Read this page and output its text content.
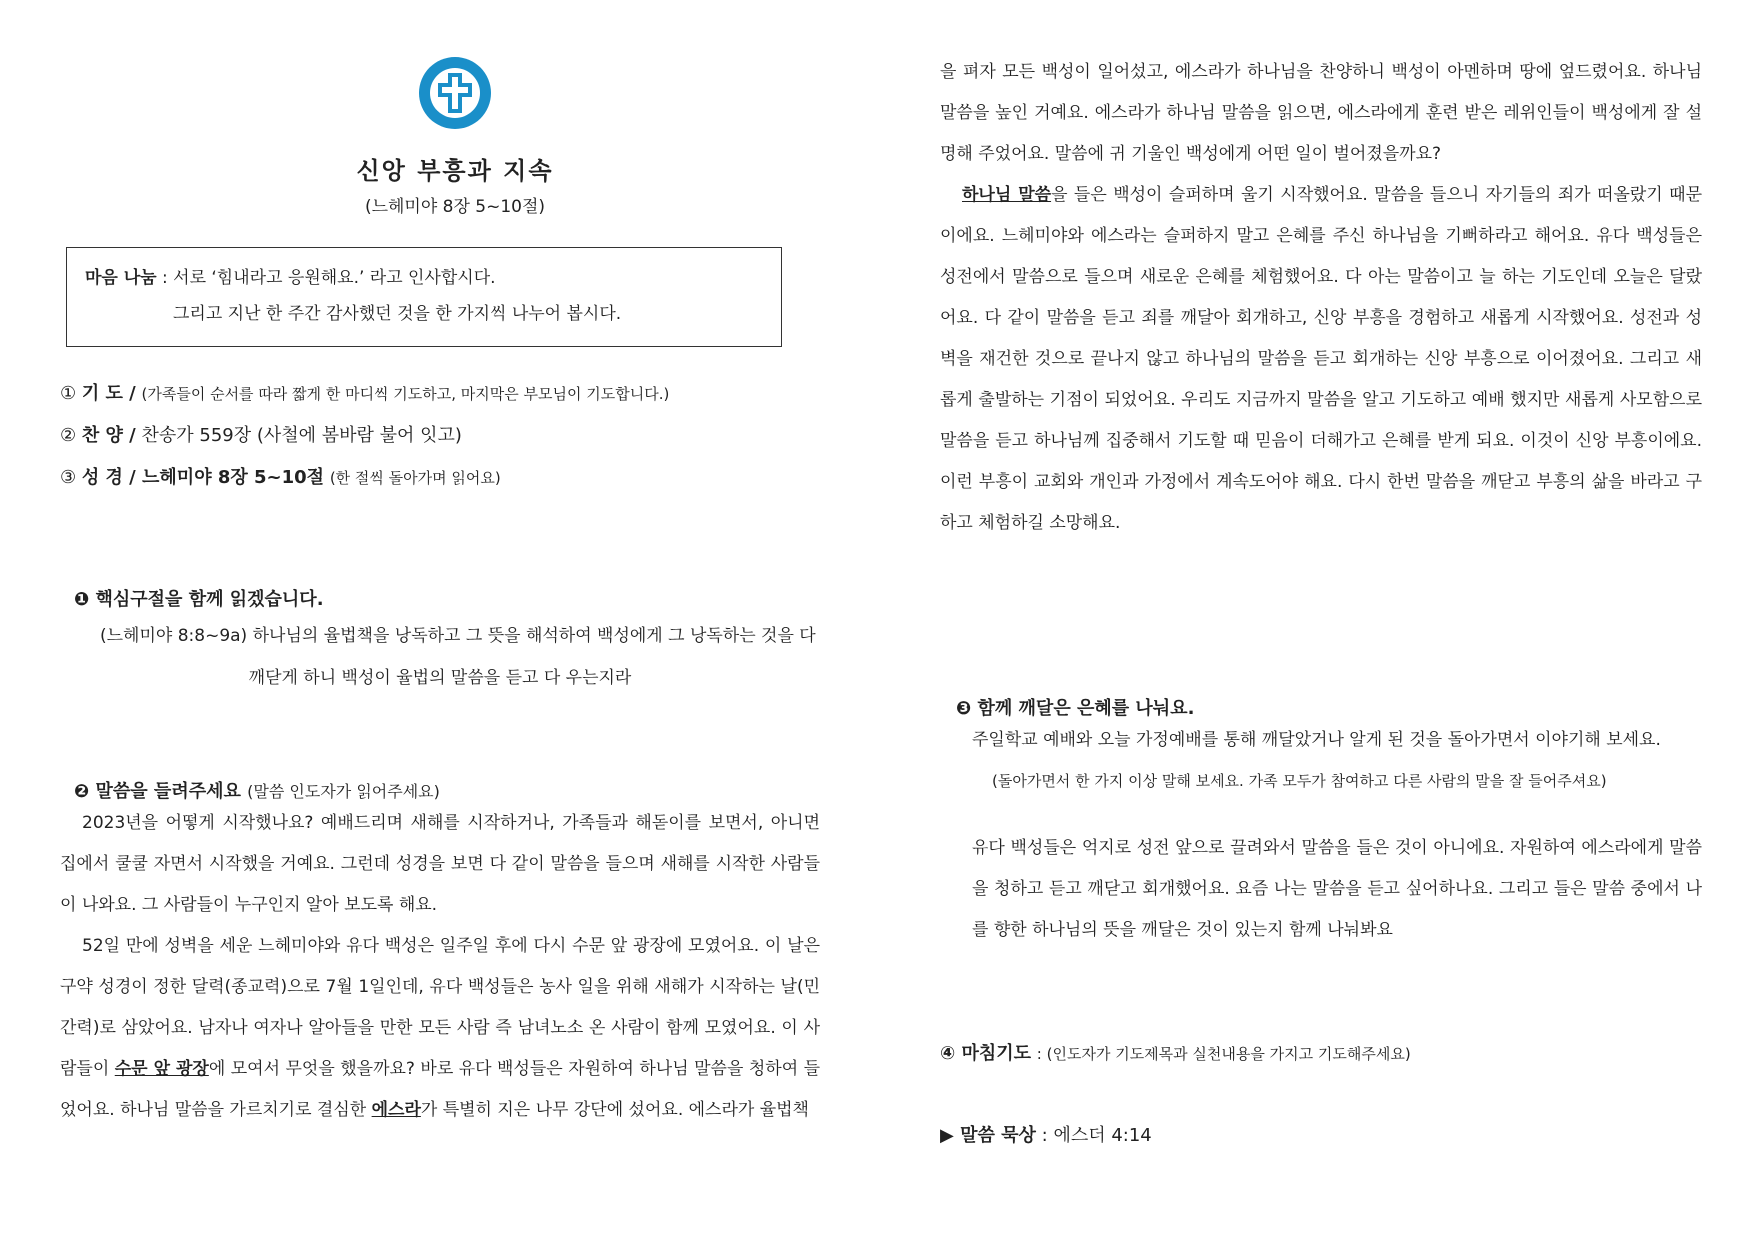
신앙 부흥과 지속
(느헤미야 8장 5~10절)
마음 나눔 : 서로 ‘힘내라고 응원해요.’ 라고 인사합시다.
그리고 지난 한 주간 감사했던 것을 한 가지씩 나누어 봅시다.
① 기 도 / (가족들이 순서를 따라 짧게 한 마디씩 기도하고, 마지막은 부모님이 기도합니다.)
② 찬 양 / 찬송가 559장 (사철에 봄바람 불어 잇고)
③ 성 경 / 느헤미야 8장 5~10절 (한 절씩 돌아가며 읽어요)
❶ 핵심구절을 함께 읽겠습니다.
(느헤미야 8:8~9a) 하나님의 율법책을 낭독하고 그 뜻을 해석하여 백성에게 그 낭독하는 것을 다
깨닫게 하니 백성이 율법의 말씀을 듣고 다 우는지라
❷ 말씀을 들려주세요 (말씀 인도자가 읽어주세요)
2023년을 어떻게 시작했나요? 예배드리며 새해를 시작하거나, 가족들과 해돋이를 보면서, 아니면 집에서 쿨쿨 자면서 시작했을 거예요. 그런데 성경을 보면 다 같이 말씀을 들으며 새해를 시작한 사람들이 나와요. 그 사람들이 누구인지 알아 보도록 해요.
52일 만에 성벽을 세운 느헤미야와 유다 백성은 일주일 후에 다시 수문 앞 광장에 모였어요. 이 날은 구약 성경이 정한 달력(종교력)으로 7월 1일인데, 유다 백성들은 농사 일을 위해 새해가 시작하는 날(민간력)로 삼았어요. 남자나 여자나 알아들을 만한 모든 사람 즉 남녀노소 온 사람이 함께 모였어요. 이 사람들이 수문 앞 광장에 모여서 무엇을 했을까요? 바로 유다 백성들은 자원하여 하나님 말씀을 청하여 들었어요. 하나님 말씀을 가르치기로 결심한 에스라가 특별히 지은 나무 강단에 섰어요. 에스라가 율법책
을 펴자 모든 백성이 일어섰고, 에스라가 하나님을 찬양하니 백성이 아멘하며 땅에 엎드렸어요. 하나님 말씀을 높인 거예요. 에스라가 하나님 말씀을 읽으면, 에스라에게 훈련 받은 레위인들이 백성에게 잘 설명해 주었어요. 말씀에 귀 기울인 백성에게 어떤 일이 벌어졌을까요?
하나님 말씀을 들은 백성이 슬퍼하며 울기 시작했어요. 말씀을 들으니 자기들의 죄가 떠올랐기 때문이에요. 느헤미야와 에스라는 슬퍼하지 말고 은혜를 주신 하나님을 기뻐하라고 해어요. 유다 백성들은 성전에서 말씀으로 들으며 새로운 은혜를 체험했어요. 다 아는 말씀이고 늘 하는 기도인데 오늘은 달랐어요. 다 같이 말씀을 듣고 죄를 깨달아 회개하고, 신앙 부흥을 경험하고 새롭게 시작했어요. 성전과 성벽을 재건한 것으로 끝나지 않고 하나님의 말씀을 듣고 회개하는 신앙 부흥으로 이어졌어요. 그리고 새롭게 출발하는 기점이 되었어요. 우리도 지금까지 말씀을 알고 기도하고 예배 했지만 새롭게 사모함으로 말씀을 듣고 하나님께 집중해서 기도할 때 믿음이 더해가고 은혜를 받게 되요. 이것이 신앙 부흥이에요. 이런 부흥이 교회와 개인과 가정에서 계속도어야 해요. 다시 한번 말씀을 깨닫고 부흥의 삶을 바라고 구하고 체험하길 소망해요.
❸ 함께 깨달은 은혜를 나눠요.
주일학교 예배와 오늘 가정예배를 통해 깨달았거나 알게 된 것을 돌아가면서 이야기해 보세요.
(돌아가면서 한 가지 이상 말해 보세요. 가족 모두가 참여하고 다른 사람의 말을 잘 들어주셔요)
유다 백성들은 억지로 성전 앞으로 끌려와서 말씀을 들은 것이 아니에요. 자원하여 에스라에게 말씀을 청하고 듣고 깨닫고 회개했어요. 요즘 나는 말씀을 듣고 싶어하나요. 그리고 들은 말씀 중에서 나를 향한 하나님의 뜻을 깨달은 것이 있는지 함께 나눠봐요
④ 마침기도 : (인도자가 기도제목과 실천내용을 가지고 기도해주세요)
▶ 말씀 묵상 : 에스더 4:14
